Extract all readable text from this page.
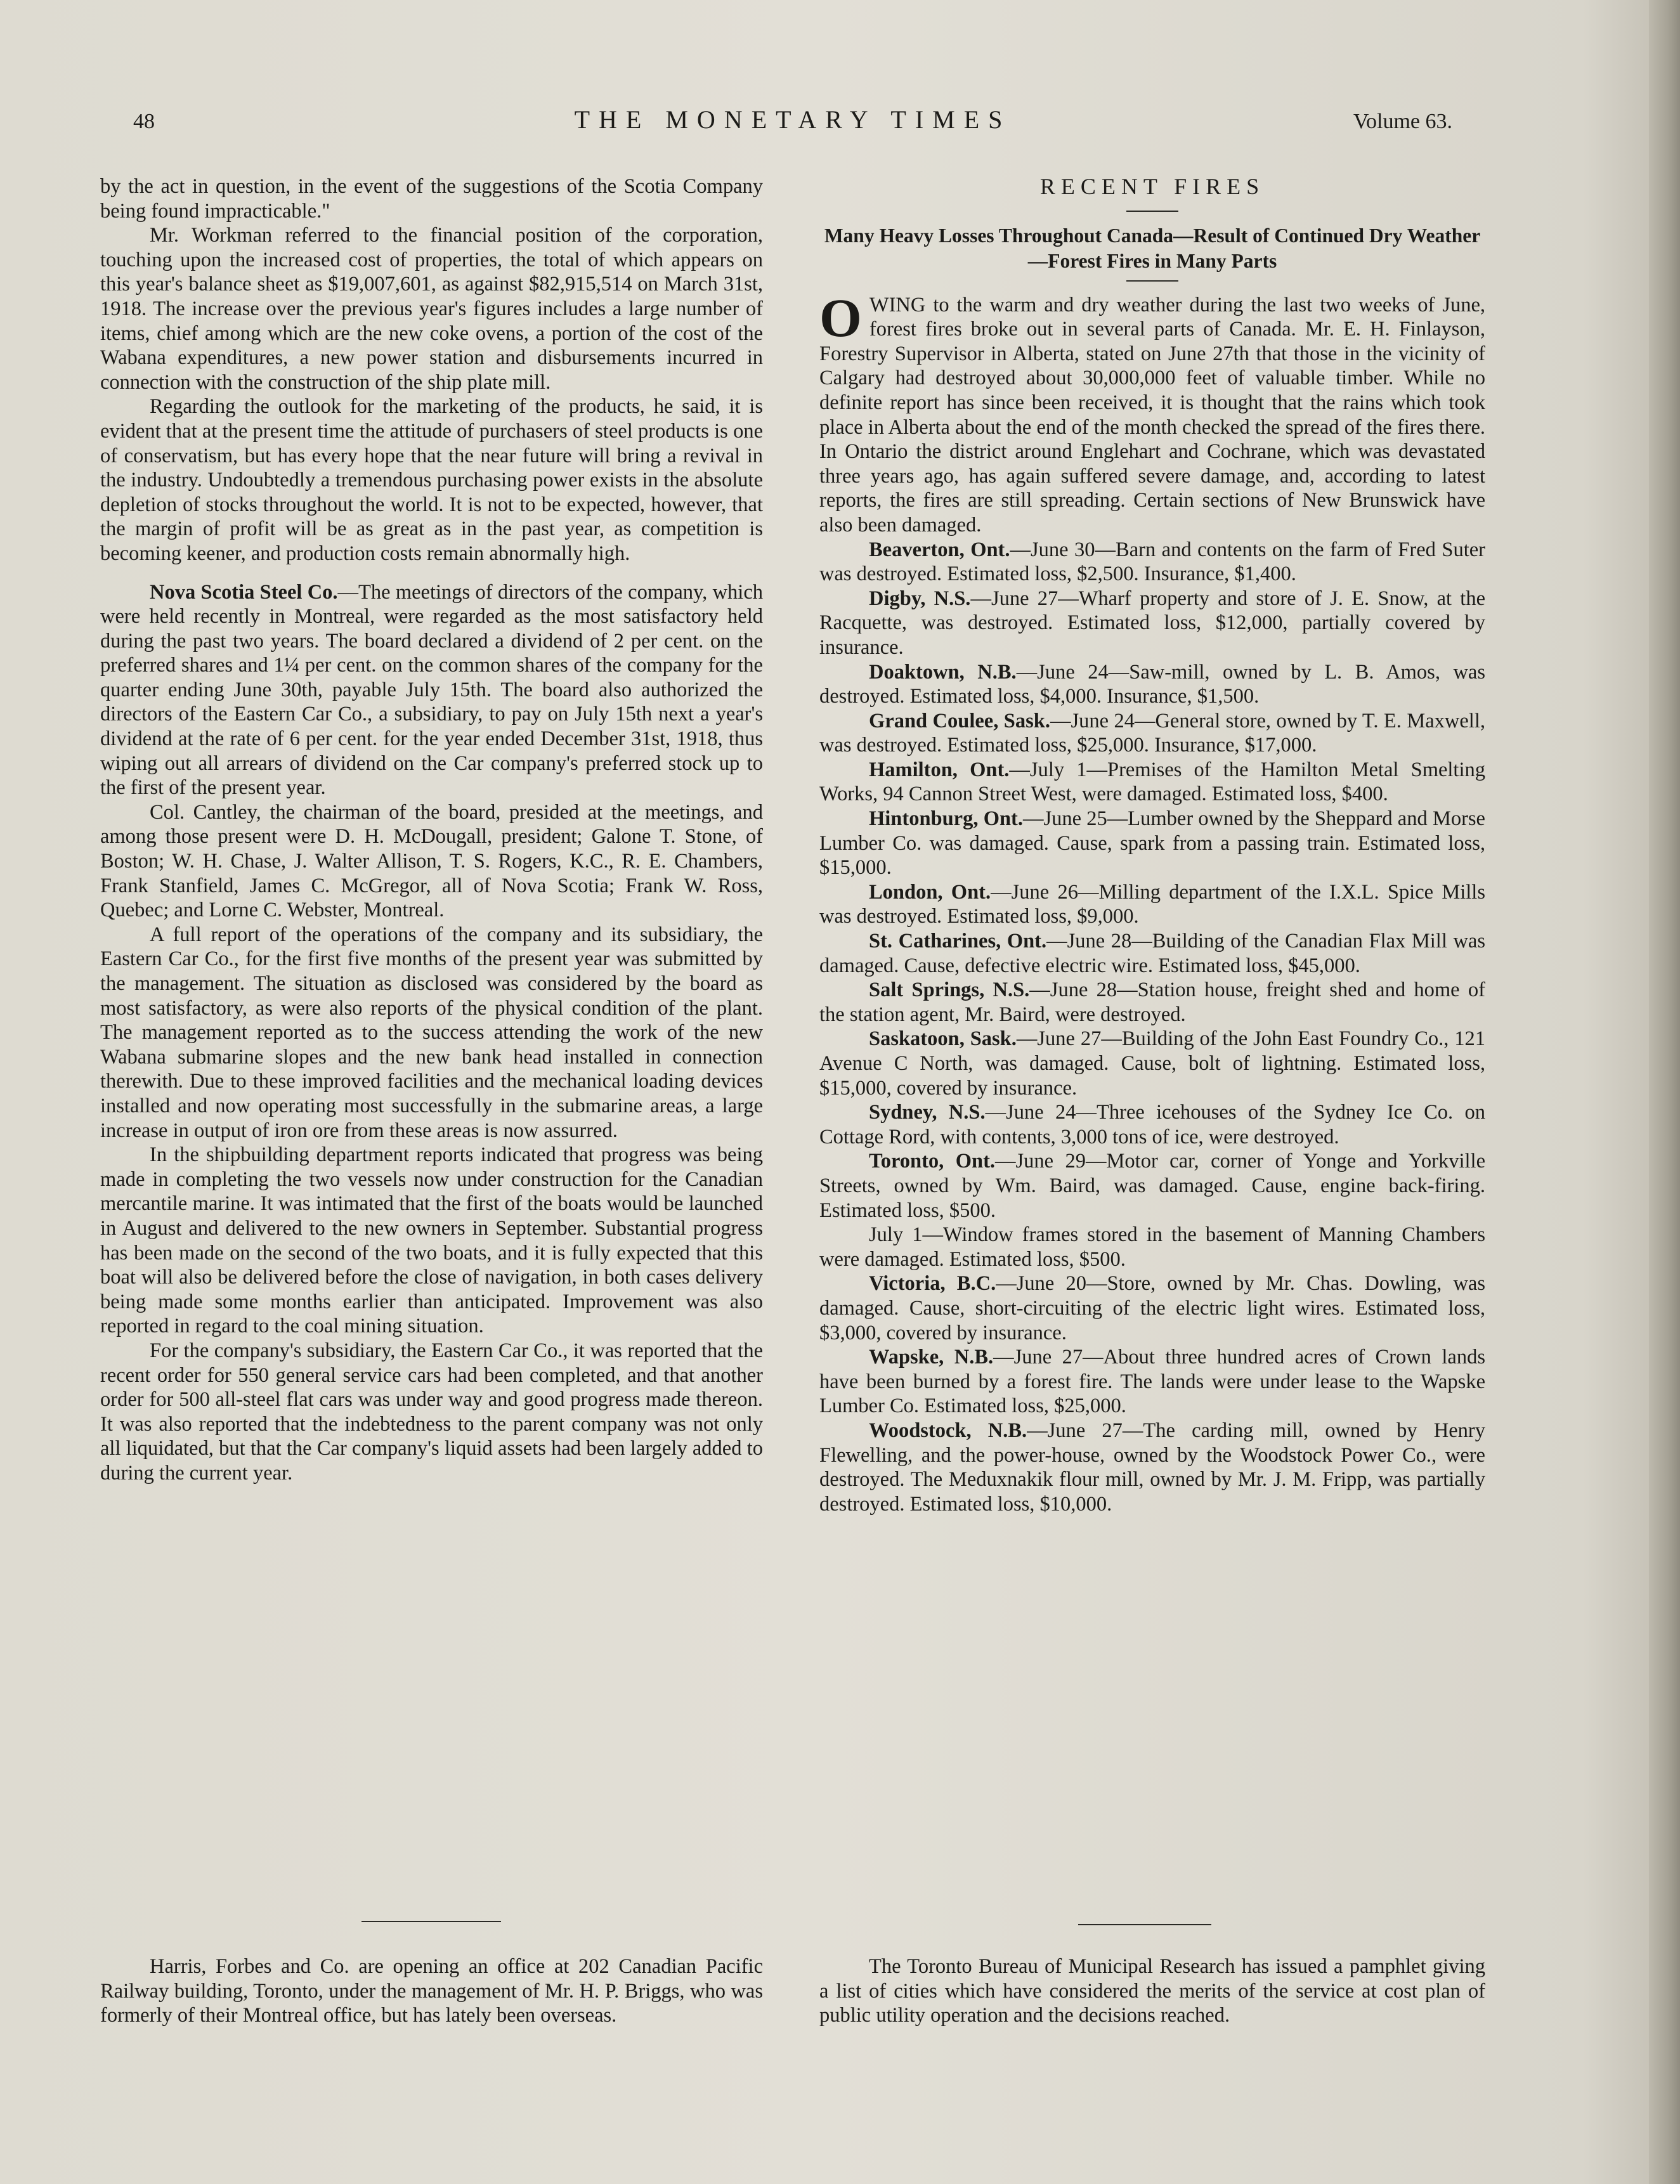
48	THE MONETARY TIMES	Volume 63.

by the act in question, in the event of the suggestions of the Scotia Company being found impracticable."

Mr. Workman referred to the financial position of the corporation, touching upon the increased cost of properties, the total of which appears on this year's balance sheet as $19,007,601, as against $82,915,514 on March 31st, 1918. The increase over the previous year's figures includes a large number of items, chief among which are the new coke ovens, a portion of the cost of the Wabana expenditures, a new power station and disbursements incurred in connection with the construction of the ship plate mill.

Regarding the outlook for the marketing of the products, he said, it is evident that at the present time the attitude of purchasers of steel products is one of conservatism, but has every hope that the near future will bring a revival in the industry. Undoubtedly a tremendous purchasing power exists in the absolute depletion of stocks throughout the world. It is not to be expected, however, that the margin of profit will be as great as in the past year, as competition is becoming keener, and production costs remain abnormally high.

Nova Scotia Steel Co.—The meetings of directors of the company, which were held recently in Montreal, were regarded as the most satisfactory held during the past two years. The board declared a dividend of 2 per cent. on the preferred shares and 1¼ per cent. on the common shares of the company for the quarter ending June 30th, payable July 15th. The board also authorized the directors of the Eastern Car Co., a subsidiary, to pay on July 15th next a year's dividend at the rate of 6 per cent. for the year ended December 31st, 1918, thus wiping out all arrears of dividend on the Car company's preferred stock up to the first of the present year.

Col. Cantley, the chairman of the board, presided at the meetings, and among those present were D. H. McDougall, president; Galone T. Stone, of Boston; W. H. Chase, J. Walter Allison, T. S. Rogers, K.C., R. E. Chambers, Frank Stanfield, James C. McGregor, all of Nova Scotia; Frank W. Ross, Quebec; and Lorne C. Webster, Montreal.

A full report of the operations of the company and its subsidiary, the Eastern Car Co., for the first five months of the present year was submitted by the management. The situation as disclosed was considered by the board as most satisfactory, as were also reports of the physical condition of the plant. The management reported as to the success attending the work of the new Wabana submarine slopes and the new bank head installed in connection therewith. Due to these improved facilities and the mechanical loading devices installed and now operating most successfully in the submarine areas, a large increase in output of iron ore from these areas is now assurred.

In the shipbuilding department reports indicated that progress was being made in completing the two vessels now under construction for the Canadian mercantile marine. It was intimated that the first of the boats would be launched in August and delivered to the new owners in September. Substantial progress has been made on the second of the two boats, and it is fully expected that this boat will also be delivered before the close of navigation, in both cases delivery being made some months earlier than anticipated. Improvement was also reported in regard to the coal mining situation.

For the company's subsidiary, the Eastern Car Co., it was reported that the recent order for 550 general service cars had been completed, and that another order for 500 all-steel flat cars was under way and good progress made thereon. It was also reported that the indebtedness to the parent company was not only all liquidated, but that the Car company's liquid assets had been largely added to during the current year.

RECENT FIRES

Many Heavy Losses Throughout Canada—Result of Continued Dry Weather—Forest Fires in Many Parts

OWING to the warm and dry weather during the last two weeks of June, forest fires broke out in several parts of Canada. Mr. E. H. Finlayson, Forestry Supervisor in Alberta, stated on June 27th that those in the vicinity of Calgary had destroyed about 30,000,000 feet of valuable timber. While no definite report has since been received, it is thought that the rains which took place in Alberta about the end of the month checked the spread of the fires there. In Ontario the district around Englehart and Cochrane, which was devastated three years ago, has again suffered severe damage, and, according to latest reports, the fires are still spreading. Certain sections of New Brunswick have also been damaged.

Beaverton, Ont.—June 30—Barn and contents on the farm of Fred Suter was destroyed. Estimated loss, $2,500. Insurance, $1,400.

Digby, N.S.—June 27—Wharf property and store of J. E. Snow, at the Racquette, was destroyed. Estimated loss, $12,000, partially covered by insurance.

Doaktown, N.B.—June 24—Saw-mill, owned by L. B. Amos, was destroyed. Estimated loss, $4,000. Insurance, $1,500.

Grand Coulee, Sask.—June 24—General store, owned by T. E. Maxwell, was destroyed. Estimated loss, $25,000. Insurance, $17,000.

Hamilton, Ont.—July 1—Premises of the Hamilton Metal Smelting Works, 94 Cannon Street West, were damaged. Estimated loss, $400.

Hintonburg, Ont.—June 25—Lumber owned by the Sheppard and Morse Lumber Co. was damaged. Cause, spark from a passing train. Estimated loss, $15,000.

London, Ont.—June 26—Milling department of the I.X.L. Spice Mills was destroyed. Estimated loss, $9,000.

St. Catharines, Ont.—June 28—Building of the Canadian Flax Mill was damaged. Cause, defective electric wire. Estimated loss, $45,000.

Salt Springs, N.S.—June 28—Station house, freight shed and home of the station agent, Mr. Baird, were destroyed.

Saskatoon, Sask.—June 27—Building of the John East Foundry Co., 121 Avenue C North, was damaged. Cause, bolt of lightning. Estimated loss, $15,000, covered by insurance.

Sydney, N.S.—June 24—Three icehouses of the Sydney Ice Co. on Cottage Rord, with contents, 3,000 tons of ice, were destroyed.

Toronto, Ont.—June 29—Motor car, corner of Yonge and Yorkville Streets, owned by Wm. Baird, was damaged. Cause, engine back-firing. Estimated loss, $500.

July 1—Window frames stored in the basement of Manning Chambers were damaged. Estimated loss, $500.

Victoria, B.C.—June 20—Store, owned by Mr. Chas. Dowling, was damaged. Cause, short-circuiting of the electric light wires. Estimated loss, $3,000, covered by insurance.

Wapske, N.B.—June 27—About three hundred acres of Crown lands have been burned by a forest fire. The lands were under lease to the Wapske Lumber Co. Estimated loss, $25,000.

Woodstock, N.B.—June 27—The carding mill, owned by Henry Flewelling, and the power-house, owned by the Woodstock Power Co., were destroyed. The Meduxnakik flour mill, owned by Mr. J. M. Fripp, was partially destroyed. Estimated loss, $10,000.

Harris, Forbes and Co. are opening an office at 202 Canadian Pacific Railway building, Toronto, under the management of Mr. H. P. Briggs, who was formerly of their Montreal office, but has lately been overseas.

The Toronto Bureau of Municipal Research has issued a pamphlet giving a list of cities which have considered the merits of the service at cost plan of public utility operation and the decisions reached.
